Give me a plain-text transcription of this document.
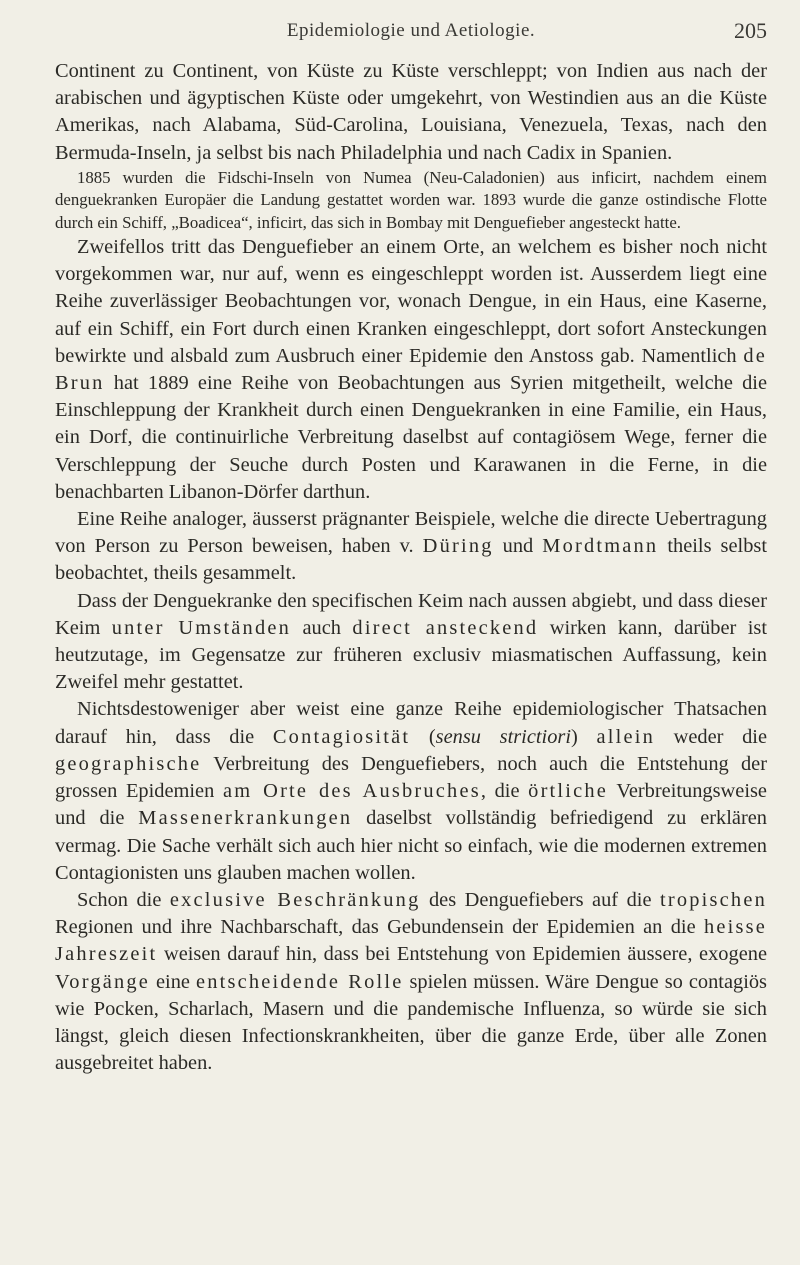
Epidemiologie und Aetiologie.	205

Continent zu Continent, von Küste zu Küste verschleppt; von Indien aus nach der arabischen und ägyptischen Küste oder umgekehrt, von Westindien aus an die Küste Amerikas, nach Alabama, Süd-Carolina, Louisiana, Venezuela, Texas, nach den Bermuda-Inseln, ja selbst bis nach Philadelphia und nach Cadix in Spanien.

1885 wurden die Fidschi-Inseln von Numea (Neu-Caladonien) aus inficirt, nachdem einem denguekranken Europäer die Landung gestattet worden war. 1893 wurde die ganze ostindische Flotte durch ein Schiff, „Boadicea“, inficirt, das sich in Bombay mit Denguefieber angesteckt hatte.

Zweifellos tritt das Denguefieber an einem Orte, an welchem es bisher noch nicht vorgekommen war, nur auf, wenn es eingeschleppt worden ist. Ausserdem liegt eine Reihe zuverlässiger Beobachtungen vor, wonach Dengue, in ein Haus, eine Kaserne, auf ein Schiff, ein Fort durch einen Kranken eingeschleppt, dort sofort Ansteckungen bewirkte und alsbald zum Ausbruch einer Epidemie den Anstoss gab. Namentlich de Brun hat 1889 eine Reihe von Beobachtungen aus Syrien mitgetheilt, welche die Einschleppung der Krankheit durch einen Denguekranken in eine Familie, ein Haus, ein Dorf, die continuirliche Verbreitung daselbst auf contagiösem Wege, ferner die Verschleppung der Seuche durch Posten und Karawanen in die Ferne, in die benachbarten Libanon-Dörfer darthun.

Eine Reihe analoger, äusserst prägnanter Beispiele, welche die directe Uebertragung von Person zu Person beweisen, haben v. Düring und Mordtmann theils selbst beobachtet, theils gesammelt.

Dass der Denguekranke den specifischen Keim nach aussen abgiebt, und dass dieser Keim unter Umständen auch direct ansteckend wirken kann, darüber ist heutzutage, im Gegensatze zur früheren exclusiv miasmatischen Auffassung, kein Zweifel mehr gestattet.

Nichtsdestoweniger aber weist eine ganze Reihe epidemiologischer Thatsachen darauf hin, dass die Contagiosität (sensu strictiori) allein weder die geographische Verbreitung des Denguefiebers, noch auch die Entstehung der grossen Epidemien am Orte des Ausbruches, die örtliche Verbreitungsweise und die Massenerkrankungen daselbst vollständig befriedigend zu erklären vermag. Die Sache verhält sich auch hier nicht so einfach, wie die modernen extremen Contagionisten uns glauben machen wollen.

Schon die exclusive Beschränkung des Denguefiebers auf die tropischen Regionen und ihre Nachbarschaft, das Gebundensein der Epidemien an die heisse Jahreszeit weisen darauf hin, dass bei Entstehung von Epidemien äussere, exogene Vorgänge eine entscheidende Rolle spielen müssen. Wäre Dengue so contagiös wie Pocken, Scharlach, Masern und die pandemische Influenza, so würde sie sich längst, gleich diesen Infectionskrankheiten, über die ganze Erde, über alle Zonen ausgebreitet haben.
